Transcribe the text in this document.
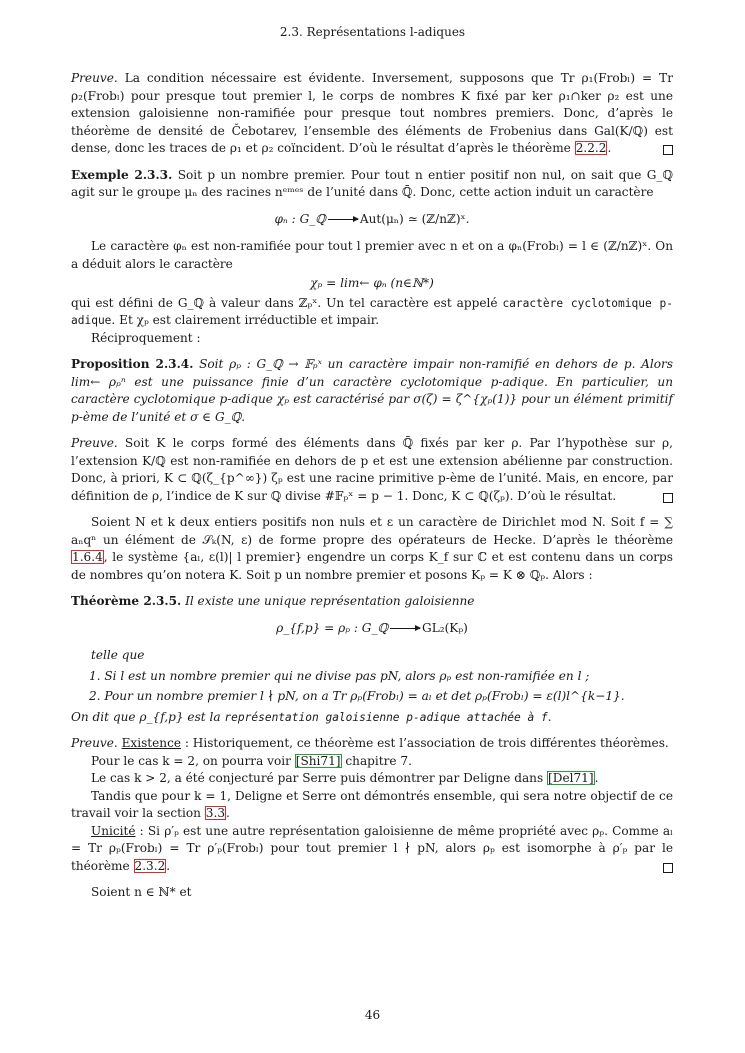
2.3. Représentations l-adiques

Preuve. La condition nécessaire est évidente. Inversement, supposons que Tr ρ₁(Frobₗ) = Tr ρ₂(Frobₗ) pour presque tout premier l, le corps de nombres K fixé par ker ρ₁∩ker ρ₂ est une extension galoisienne non-ramifiée pour presque tout nombres premiers. Donc, d’après le théorème de densité de Čebotarev, l’ensemble des éléments de Frobenius dans Gal(K/ℚ) est dense, donc les traces de ρ₁ et ρ₂ coïncident. D’où le résultat d’après le théorème 2.2.2.

Exemple 2.3.3. Soit p un nombre premier. Pour tout n entier positif non nul, on sait que G_ℚ agit sur le groupe μₙ des racines nᵉᵐᵉˢ de l’unité dans ℚ̄. Donc, cette action induit un caractère

φₙ : G_ℚ	Aut(μₙ) ≃ (ℤ/nℤ)ˣ.

Le caractère φₙ est non-ramifiée pour tout l premier avec n et on a φₙ(Frobₗ) = l ∈ (ℤ/nℤ)ˣ. On a déduit alors le caractère

χₚ = lim← φₙ (n∈ℕ*)

qui est défini de G_ℚ à valeur dans ℤₚˣ. Un tel caractère est appelé caractère cyclotomique p-adique. Et χₚ est clairement irréductible et impair.

Réciproquement :

Proposition 2.3.4. Soit ρₚ : G_ℚ → 𝔽ₚˣ un caractère impair non-ramifié en dehors de p. Alors lim← ρₚⁿ est une puissance finie d’un caractère cyclotomique p-adique. En particulier, un caractère cyclotomique p-adique χₚ est caractérisé par σ(ζ) = ζ^{χₚ(1)} pour un élément primitif p-ème de l’unité et σ ∈ G_ℚ.

Preuve. Soit K le corps formé des éléments dans ℚ̄ fixés par ker ρ. Par l’hypothèse sur ρ, l’extension K/ℚ est non-ramifiée en dehors de p et est une extension abélienne par construction. Donc, à priori, K ⊂ ℚ(ζ_{p^∞}) ζₚ est une racine primitive p-ème de l’unité. Mais, en encore, par définition de ρ, l’indice de K sur ℚ divise #𝔽ₚˣ = p − 1. Donc, K ⊂ ℚ(ζₚ). D’où le résultat.

Soient N et k deux entiers positifs non nuls et ε un caractère de Dirichlet mod N. Soit f = ∑ aₙqⁿ un élément de 𝒮ₖ(N, ε) de forme propre des opérateurs de Hecke. D’après le théorème 1.6.4, le système {aₗ, ε(l)| l premier} engendre un corps K_f sur ℂ et est contenu dans un corps de nombres qu’on notera K. Soit p un nombre premier et posons Kₚ = K ⊗ ℚₚ. Alors :

Théorème 2.3.5. Il existe une unique représentation galoisienne

ρ_{f,p} = ρₚ : G_ℚ	GL₂(Kₚ)

telle que

1. Si l est un nombre premier qui ne divise pas pN, alors ρₚ est non-ramifiée en l ;
2. Pour un nombre premier l ∤ pN, on a Tr ρₚ(Frobₗ) = aₗ et det ρₚ(Frobₗ) = ε(l)l^{k−1}.

On dit que ρ_{f,p} est la représentation galoisienne p-adique attachée à f.

Preuve. Existence : Historiquement, ce théorème est l’association de trois différentes théorèmes.

Pour le cas k = 2, on pourra voir [Shi71] chapitre 7.

Le cas k > 2, a été conjecturé par Serre puis démontrer par Deligne dans [Del71].

Tandis que pour k = 1, Deligne et Serre ont démontrés ensemble, qui sera notre objectif de ce travail voir la section 3.3.

Unicité : Si ρ′ₚ est une autre représentation galoisienne de même propriété avec ρₚ. Comme aₗ = Tr ρₚ(Frobₗ) = Tr ρ′ₚ(Frobₗ) pour tout premier l ∤ pN, alors ρₚ est isomorphe à ρ′ₚ par le théorème 2.3.2.

Soient n ∈ ℕ* et

46
